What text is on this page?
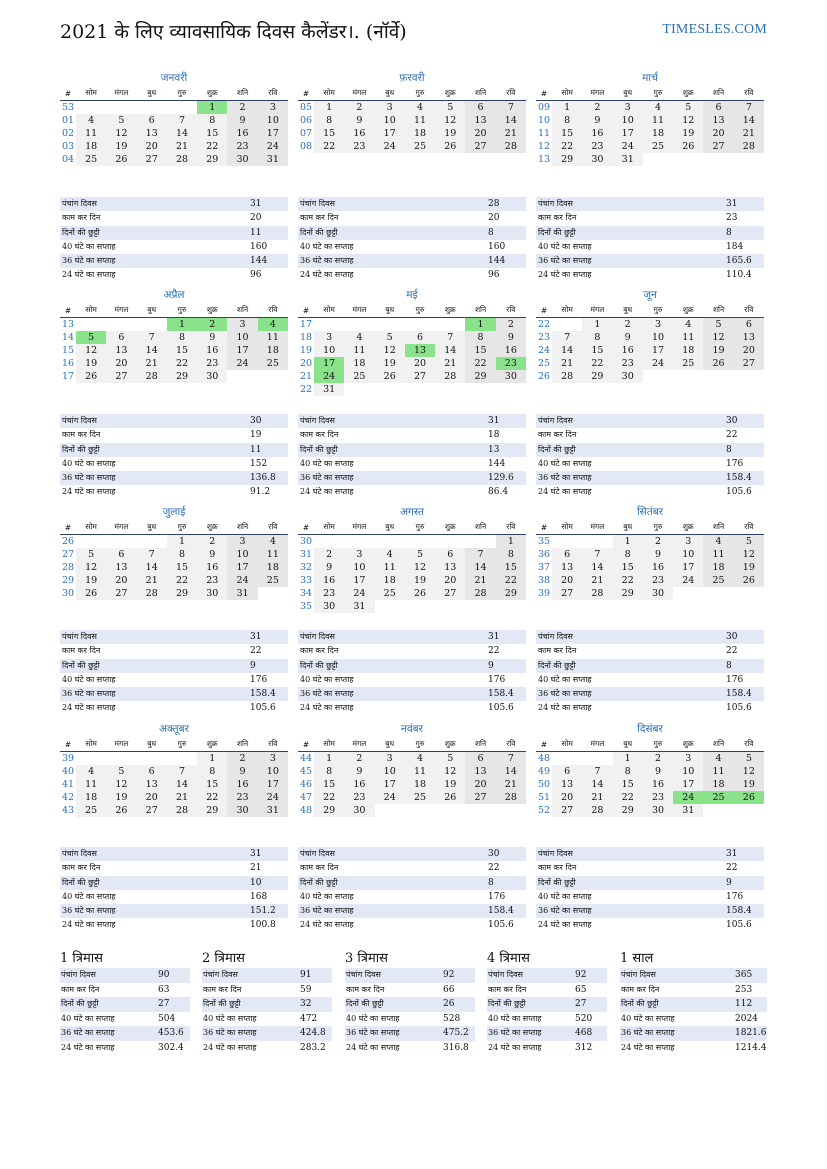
2021 के लिए व्यावसायिक दिवस कैलेंडर।. (नॉर्वे)	TIMESLES.COM
जनवरी
#	सोम	मंगल	बुध	गुरु	शुक्र	शनि	रवि
53					1	2	3
01	4	5	6	7	8	9	10
02	11	12	13	14	15	16	17
03	18	19	20	21	22	23	24
04	25	26	27	28	29	30	31
पंचांग दिवस	31
काम कर दिन	20
दिनों की छुट्टी	11
40 घंटे का सप्ताह	160
36 घंटे का सप्ताह	144
24 घंटे का सप्ताह	96
फ़रवरी
#	सोम	मंगल	बुध	गुरु	शुक्र	शनि	रवि
05	1	2	3	4	5	6	7
06	8	9	10	11	12	13	14
07	15	16	17	18	19	20	21
08	22	23	24	25	26	27	28
पंचांग दिवस	28
काम कर दिन	20
दिनों की छुट्टी	8
40 घंटे का सप्ताह	160
36 घंटे का सप्ताह	144
24 घंटे का सप्ताह	96
मार्च
#	सोम	मंगल	बुध	गुरु	शुक्र	शनि	रवि
09	1	2	3	4	5	6	7
10	8	9	10	11	12	13	14
11	15	16	17	18	19	20	21
12	22	23	24	25	26	27	28
13	29	30	31				
पंचांग दिवस	31
काम कर दिन	23
दिनों की छुट्टी	8
40 घंटे का सप्ताह	184
36 घंटे का सप्ताह	165.6
24 घंटे का सप्ताह	110.4
अप्रैल
#	सोम	मंगल	बुध	गुरु	शुक्र	शनि	रवि
13				1	2	3	4
14	5	6	7	8	9	10	11
15	12	13	14	15	16	17	18
16	19	20	21	22	23	24	25
17	26	27	28	29	30		
पंचांग दिवस	30
काम कर दिन	19
दिनों की छुट्टी	11
40 घंटे का सप्ताह	152
36 घंटे का सप्ताह	136.8
24 घंटे का सप्ताह	91.2
मई
#	सोम	मंगल	बुध	गुरु	शुक्र	शनि	रवि
17						1	2
18	3	4	5	6	7	8	9
19	10	11	12	13	14	15	16
20	17	18	19	20	21	22	23
21	24	25	26	27	28	29	30
22	31						
पंचांग दिवस	31
काम कर दिन	18
दिनों की छुट्टी	13
40 घंटे का सप्ताह	144
36 घंटे का सप्ताह	129.6
24 घंटे का सप्ताह	86.4
जून
#	सोम	मंगल	बुध	गुरु	शुक्र	शनि	रवि
22		1	2	3	4	5	6
23	7	8	9	10	11	12	13
24	14	15	16	17	18	19	20
25	21	22	23	24	25	26	27
26	28	29	30				
पंचांग दिवस	30
काम कर दिन	22
दिनों की छुट्टी	8
40 घंटे का सप्ताह	176
36 घंटे का सप्ताह	158.4
24 घंटे का सप्ताह	105.6
जुलाई
#	सोम	मंगल	बुध	गुरु	शुक्र	शनि	रवि
26				1	2	3	4
27	5	6	7	8	9	10	11
28	12	13	14	15	16	17	18
29	19	20	21	22	23	24	25
30	26	27	28	29	30	31	
पंचांग दिवस	31
काम कर दिन	22
दिनों की छुट्टी	9
40 घंटे का सप्ताह	176
36 घंटे का सप्ताह	158.4
24 घंटे का सप्ताह	105.6
अगस्त
#	सोम	मंगल	बुध	गुरु	शुक्र	शनि	रवि
30							1
31	2	3	4	5	6	7	8
32	9	10	11	12	13	14	15
33	16	17	18	19	20	21	22
34	23	24	25	26	27	28	29
35	30	31					
पंचांग दिवस	31
काम कर दिन	22
दिनों की छुट्टी	9
40 घंटे का सप्ताह	176
36 घंटे का सप्ताह	158.4
24 घंटे का सप्ताह	105.6
सितंबर
#	सोम	मंगल	बुध	गुरु	शुक्र	शनि	रवि
35			1	2	3	4	5
36	6	7	8	9	10	11	12
37	13	14	15	16	17	18	19
38	20	21	22	23	24	25	26
39	27	28	29	30			
पंचांग दिवस	30
काम कर दिन	22
दिनों की छुट्टी	8
40 घंटे का सप्ताह	176
36 घंटे का सप्ताह	158.4
24 घंटे का सप्ताह	105.6
अक्तूबर
#	सोम	मंगल	बुध	गुरु	शुक्र	शनि	रवि
39					1	2	3
40	4	5	6	7	8	9	10
41	11	12	13	14	15	16	17
42	18	19	20	21	22	23	24
43	25	26	27	28	29	30	31
पंचांग दिवस	31
काम कर दिन	21
दिनों की छुट्टी	10
40 घंटे का सप्ताह	168
36 घंटे का सप्ताह	151.2
24 घंटे का सप्ताह	100.8
नवंबर
#	सोम	मंगल	बुध	गुरु	शुक्र	शनि	रवि
44	1	2	3	4	5	6	7
45	8	9	10	11	12	13	14
46	15	16	17	18	19	20	21
47	22	23	24	25	26	27	28
48	29	30					
पंचांग दिवस	30
काम कर दिन	22
दिनों की छुट्टी	8
40 घंटे का सप्ताह	176
36 घंटे का सप्ताह	158.4
24 घंटे का सप्ताह	105.6
दिसंबर
#	सोम	मंगल	बुध	गुरु	शुक्र	शनि	रवि
48			1	2	3	4	5
49	6	7	8	9	10	11	12
50	13	14	15	16	17	18	19
51	20	21	22	23	24	25	26
52	27	28	29	30	31		
पंचांग दिवस	31
काम कर दिन	22
दिनों की छुट्टी	9
40 घंटे का सप्ताह	176
36 घंटे का सप्ताह	158.4
24 घंटे का सप्ताह	105.6
1 त्रिमास
पंचांग दिवस	90
काम कर दिन	63
दिनों की छुट्टी	27
40 घंटे का सप्ताह	504
36 घंटे का सप्ताह	453.6
24 घंटे का सप्ताह	302.4
2 त्रिमास
पंचांग दिवस	91
काम कर दिन	59
दिनों की छुट्टी	32
40 घंटे का सप्ताह	472
36 घंटे का सप्ताह	424.8
24 घंटे का सप्ताह	283.2
3 त्रिमास
पंचांग दिवस	92
काम कर दिन	66
दिनों की छुट्टी	26
40 घंटे का सप्ताह	528
36 घंटे का सप्ताह	475.2
24 घंटे का सप्ताह	316.8
4 त्रिमास
पंचांग दिवस	92
काम कर दिन	65
दिनों की छुट्टी	27
40 घंटे का सप्ताह	520
36 घंटे का सप्ताह	468
24 घंटे का सप्ताह	312
1 साल
पंचांग दिवस	365
काम कर दिन	253
दिनों की छुट्टी	112
40 घंटे का सप्ताह	2024
36 घंटे का सप्ताह	1821.6
24 घंटे का सप्ताह	1214.4
